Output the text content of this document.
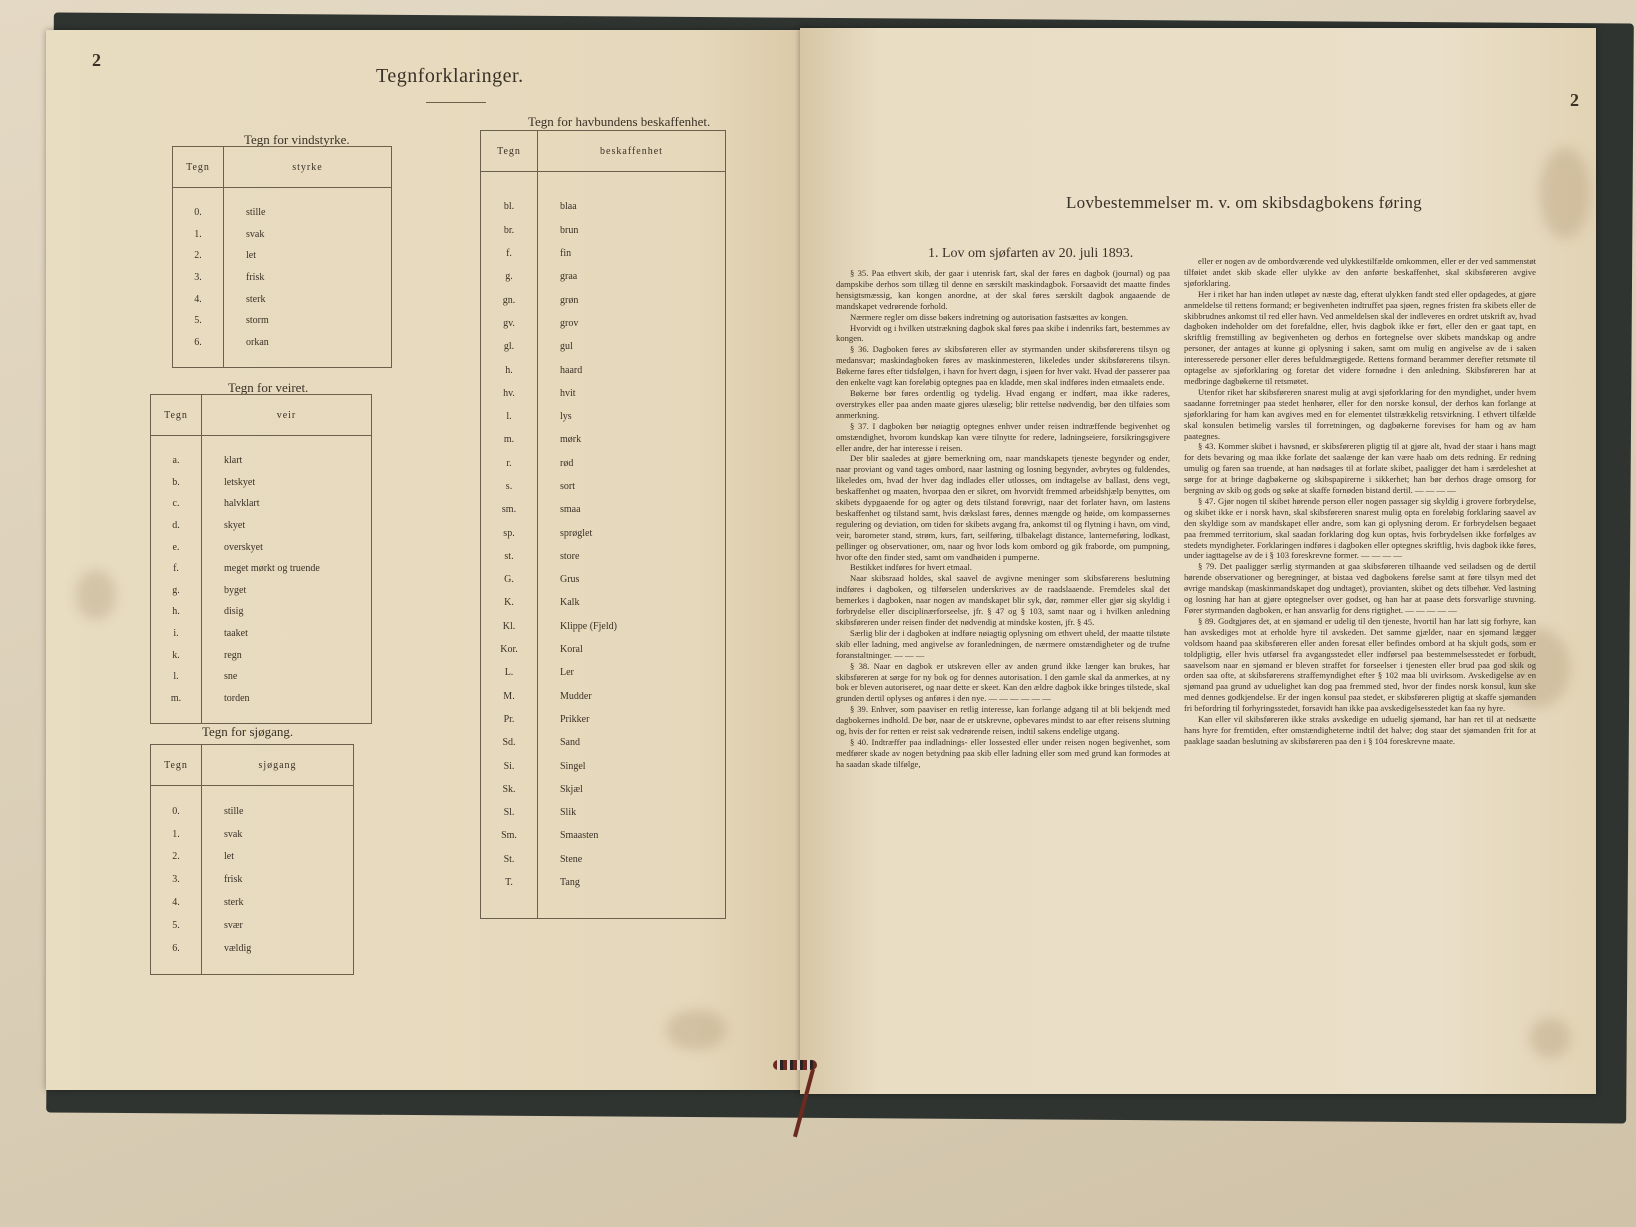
2
Tegnforklaringer.
Tegn for vindstyrke.
Tegn	styrke

0.	stille
1.	svak
2.	let
3.	frisk
4.	sterk
5.	storm
6.	orkan

Tegn for veiret.
Tegn	veir

a.	klart
b.	letskyet
c.	halvklart
d.	skyet
e.	overskyet
f.	meget mørkt og truende
g.	byget
h.	disig
i.	taaket
k.	regn
l.	sne
m.	torden

Tegn for sjøgang.
Tegn	sjøgang

0.	stille
1.	svak
2.	let
3.	frisk
4.	sterk
5.	svær
6.	vældig

Tegn for havbundens beskaffenhet.
Tegn	beskaffenhet

bl.	blaa
br.	brun
f.	fin
g.	graa
gn.	grøn
gv.	grov
gl.	gul
h.	haard
hv.	hvit
l.	lys
m.	mørk
r.	rød
s.	sort
sm.	smaa
sp.	sprøglet
st.	store
G.	Grus
K.	Kalk
Kl.	Klippe (Fjeld)
Kor.	Koral
L.	Ler
M.	Mudder
Pr.	Prikker
Sd.	Sand
Si.	Singel
Sk.	Skjæl
Sl.	Slik
Sm.	Smaasten
St.	Stene
T.	Tang

2
Lovbestemmelser m. v. om skibsdagbokens føring
1. Lov om sjøfarten av 20. juli 1893.

§ 35. Paa ethvert skib, der gaar i utenrisk fart, skal der føres en dagbok (journal) og paa dampskibe derhos som tillæg til denne en særskilt maskindagbok. Forsaavidt det maatte findes hensigtsmæssig, kan kongen anordne, at der skal føres særskilt dagbok angaaende de mandskapet vedrørende forhold.

Nærmere regler om disse bøkers indretning og autorisation fastsættes av kongen.

Hvorvidt og i hvilken utstrækning dagbok skal føres paa skibe i indenriks fart, bestemmes av kongen.

§ 36. Dagboken føres av skibsføreren eller av styrmanden under skibsførerens tilsyn og medansvar; maskindagboken føres av maskinmesteren, likeledes under skibsførerens tilsyn. Bøkerne føres efter tidsfølgen, i havn for hvert døgn, i sjøen for hver vakt. Hvad der passerer paa den enkelte vagt kan foreløbig optegnes paa en kladde, men skal indføres inden etmaalets ende.

Bøkerne bør føres ordentlig og tydelig. Hvad engang er indført, maa ikke raderes, overstrykes eller paa anden maate gjøres ulæselig; blir rettelse nødvendig, bør den tilføies som anmerkning.

§ 37. I dagboken bør nøiagtig optegnes enhver under reisen indtræffende begivenhet og omstændighet, hvorom kundskap kan være tilnytte for redere, ladningseiere, forsikringsgivere eller andre, der har interesse i reisen.

Der blir saaledes at gjøre bemerkning om, naar mandskapets tjeneste begynder og ender, naar proviant og vand tages ombord, naar lastning og losning begynder, avbrytes og fuldendes, likeledes om, hvad der hver dag indlades eller utlosses, om indtagelse av ballast, dens vegt, beskaffenhet og maaten, hvorpaa den er sikret, om hvorvidt fremmed arbeidshjælp benyttes, om skibets dypgaaende for og agter og dets tilstand forøvrigt, naar det forlater havn, om lastens beskaffenhet og tilstand samt, hvis dækslast føres, dennes mængde og høide, om kompassernes regulering og deviation, om tiden for skibets avgang fra, ankomst til og flytning i havn, om vind, veir, barometer stand, strøm, kurs, fart, seilføring, tilbakelagt distance, lanterneføring, lodkast, pellinger og observationer, om, naar og hvor lods kom ombord og gik fraborde, om pumpning, hvor ofte den finder sted, samt om vandhøiden i pumperne.

Bestikket indføres for hvert etmaal.

Naar skibsraad holdes, skal saavel de avgivne meninger som skibsførerens beslutning indføres i dagboken, og tilførselen underskrives av de raadslaaende. Fremdeles skal det bemerkes i dagboken, naar nogen av mandskapet blir syk, dør, rømmer eller gjør sig skyldig i forbrydelse eller disciplinærforseelse, jfr. § 47 og § 103, samt naar og i hvilken anledning skibsføreren under reisen finder det nødvendig at mindske kosten, jfr. § 45.

Særlig blir der i dagboken at indføre nøiagtig oplysning om ethvert uheld, der maatte tilstøte skib eller ladning, med angivelse av foranledningen, de nærmere omstændigheter og de trufne foranstaltninger. — — —

§ 38. Naar en dagbok er utskreven eller av anden grund ikke længer kan brukes, har skibsføreren at sørge for ny bok og for dennes autorisation. I den gamle skal da anmerkes, at ny bok er bleven autoriseret, og naar dette er skeet. Kan den ældre dagbok ikke bringes tilstede, skal grunden dertil oplyses og anføres i den nye. — — — — — —

§ 39. Enhver, som paaviser en retlig interesse, kan forlange adgang til at bli bekjendt med dagbokernes indhold. De bør, naar de er utskrevne, opbevares mindst to aar efter reisens slutning og, hvis der for retten er reist sak vedrørende reisen, indtil sakens endelige utgang.

§ 40. Indtræffer paa indladnings- eller lossested eller under reisen nogen begivenhet, som medfører skade av nogen betydning paa skib eller ladning eller som med grund kan formodes at ha saadan skade tilfølge,

eller er nogen av de ombordværende ved ulykkestilfælde omkommen, eller er der ved sammenstøt tilføiet andet skib skade eller ulykke av den anførte beskaffenhet, skal skibsføreren avgive sjøforklaring.

Her i riket har han inden utløpet av næste dag, efterat ulykken fandt sted eller opdagedes, at gjøre anmeldelse til rettens formand; er begivenheten indtruffet paa sjøen, regnes fristen fra skibets eller de skibbrudnes ankomst til red eller havn. Ved anmeldelsen skal der indleveres en ordret utskrift av, hvad dagboken indeholder om det forefaldne, eller, hvis dagbok ikke er ført, eller den er gaat tapt, en skriftlig fremstilling av begivenheten og derhos en fortegnelse over skibets mandskap og andre personer, der antages at kunne gi oplysning i saken, samt om mulig en angivelse av de i saken interesserede personer eller deres befuldmægtigede. Rettens formand berammer derefter retsmøte til optagelse av sjøforklaring og foretar det videre fornødne i den anledning. Skibsføreren har at medbringe dagbøkerne til retsmøtet.

Utenfor riket har skibsføreren snarest mulig at avgi sjøforklaring for den myndighet, under hvem saadanne forretninger paa stedet henhører, eller for den norske konsul, der derhos kan forlange at sjøforklaring for ham kan avgives med en for elementet tilstrækkelig retsvirkning. I ethvert tilfælde skal konsulen betimelig varsles til forretningen, og dagbøkerne forevises for ham og av ham paategnes.

§ 43. Kommer skibet i havsnød, er skibsføreren pligtig til at gjøre alt, hvad der staar i hans magt for dets bevaring og maa ikke forlate det saalænge der kan være haab om dets redning. Er redning umulig og faren saa truende, at han nødsages til at forlate skibet, paaligger det ham i særdeleshet at sørge for at bringe dagbøkerne og skibspapirerne i sikkerhet; han bør derhos drage omsorg for bergning av skib og gods og søke at skaffe fornøden bistand dertil. — — — —

§ 47. Gjør nogen til skibet hørende person eller nogen passager sig skyldig i grovere forbrydelse, og skibet ikke er i norsk havn, skal skibsføreren snarest mulig opta en foreløbig forklaring saavel av den skyldige som av mandskapet eller andre, som kan gi oplysning derom. Er forbrydelsen begaaet paa fremmed territorium, skal saadan forklaring dog kun optas, hvis forbrydelsen ikke forfølges av stedets myndigheter. Forklaringen indføres i dagboken eller optegnes skriftlig, hvis dagbok ikke føres, under iagttagelse av de i § 103 foreskrevne former. — — — —

§ 79. Det paaligger særlig styrmanden at gaa skibsføreren tilhaande ved seiladsen og de dertil hørende observationer og beregninger, at bistaa ved dagbokens førelse samt at føre tilsyn med det øvrige mandskap (maskinmandskapet dog undtaget), provianten, skibet og dets tilbehør. Ved lastning og losning har han at gjøre optegnelser over godset, og han har at paase dets forsvarlige stuvning. Fører styrmanden dagboken, er han ansvarlig for dens rigtighet. — — — — —

§ 89. Godtgjøres det, at en sjømand er udelig til den tjeneste, hvortil han har latt sig forhyre, kan han avskediges mot at erholde hyre til avskeden. Det samme gjælder, naar en sjømand lægger voldsom haand paa skibsføreren eller anden foresat eller befindes ombord at ha skjult gods, som er toldpligtig, eller hvis utførsel fra avgangsstedet eller indførsel paa bestemmelsesstedet er forbudt, saavelsom naar en sjømand er bleven straffet for forseelser i tjenesten eller brud paa god skik og orden saa ofte, at skibsførerens straffemyndighet efter § 102 maa bli uvirksom. Avskedigelse av en sjømand paa grund av uduelighet kan dog paa fremmed sted, hvor der findes norsk konsul, kun ske med dennes godkjendelse. Er der ingen konsul paa stedet, er skibsføreren pligtig at skaffe sjømanden fri befordring til forhyringsstedet, forsavidt han ikke paa avskedigelsesstedet kan faa ny hyre.

Kan eller vil skibsføreren ikke straks avskedige en uduelig sjømand, har han ret til at nedsætte hans hyre for fremtiden, efter omstændigheterne indtil det halve; dog staar det sjømanden frit for at paaklage saadan beslutning av skibsføreren paa den i § 104 foreskrevne maate.
